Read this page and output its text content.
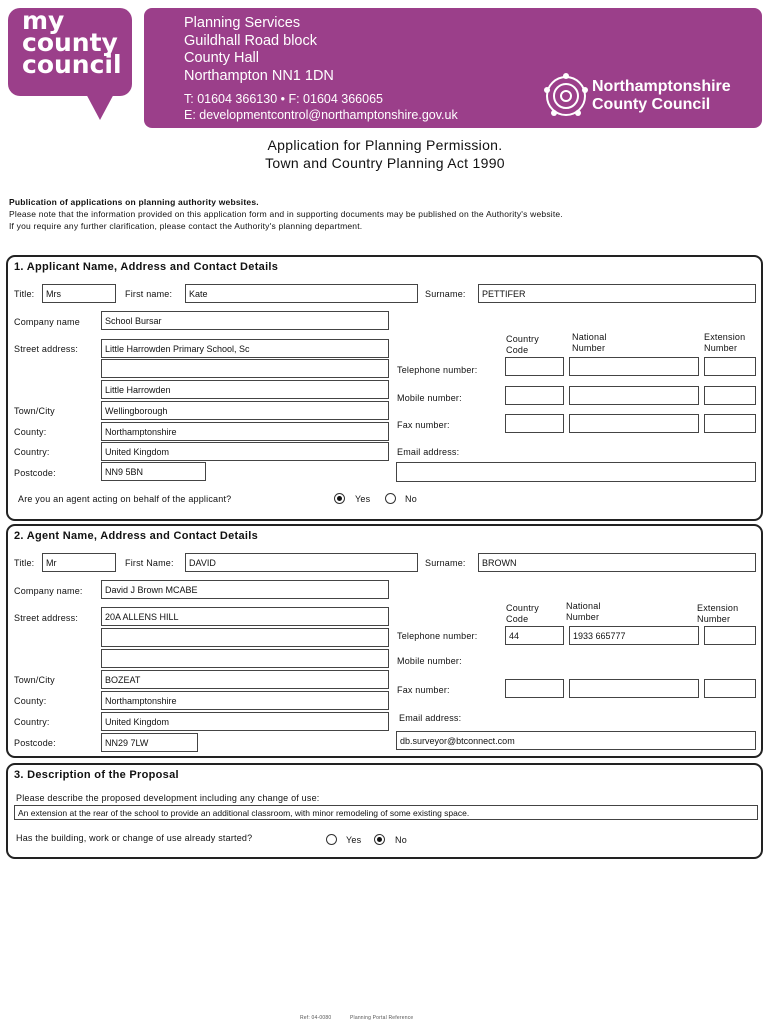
my
county
council
Planning Services
Guildhall Road block
County Hall
Northampton NN1 1DN
T: 01604 366130 • F: 01604 366065
E: developmentcontrol@northamptonshire.gov.uk
Northamptonshire
County Council
Application for Planning Permission.
Town and Country Planning Act 1990
Publication of applications on planning authority websites.
Please note that the information provided on this application form and in supporting documents may be published on the Authority's website.
If you require any further clarification, please contact the Authority's planning department.
1. Applicant Name, Address and Contact Details
Title:	Mrs	First name:	Kate	Surname:	PETTIFER
Company name	School Bursar
Street address:	Little Harrowden Primary School, Sc
Little Harrowden
Town/City	Wellingborough
County:	Northamptonshire
Country:	United Kingdom
Postcode:	NN9 5BN
Country Code
National Number
Extension Number
Telephone number:
Mobile number:
Fax number:
Email address:
Are you an agent acting on behalf of the applicant?	Yes	No
2. Agent Name, Address and Contact Details
Title:	Mr	First Name:	DAVID	Surname:	BROWN
Company name:	David J Brown MCABE
Street address:	20A ALLENS HILL
Town/City	BOZEAT
County:	Northamptonshire
Country:	United Kingdom
Postcode:	NN29 7LW
Country Code
National Number
Extension Number
Telephone number:	44	1933 665777
Mobile number:
Fax number:
Email address:
db.surveyor@btconnect.com
3. Description of the Proposal
Please describe the proposed development including any change of use:
An extension at the rear of the school to provide an additional classroom, with minor remodeling of some existing space.
Has the building, work or change of use already started?	Yes	No
Ref: 04-0080	Planning Portal Reference
